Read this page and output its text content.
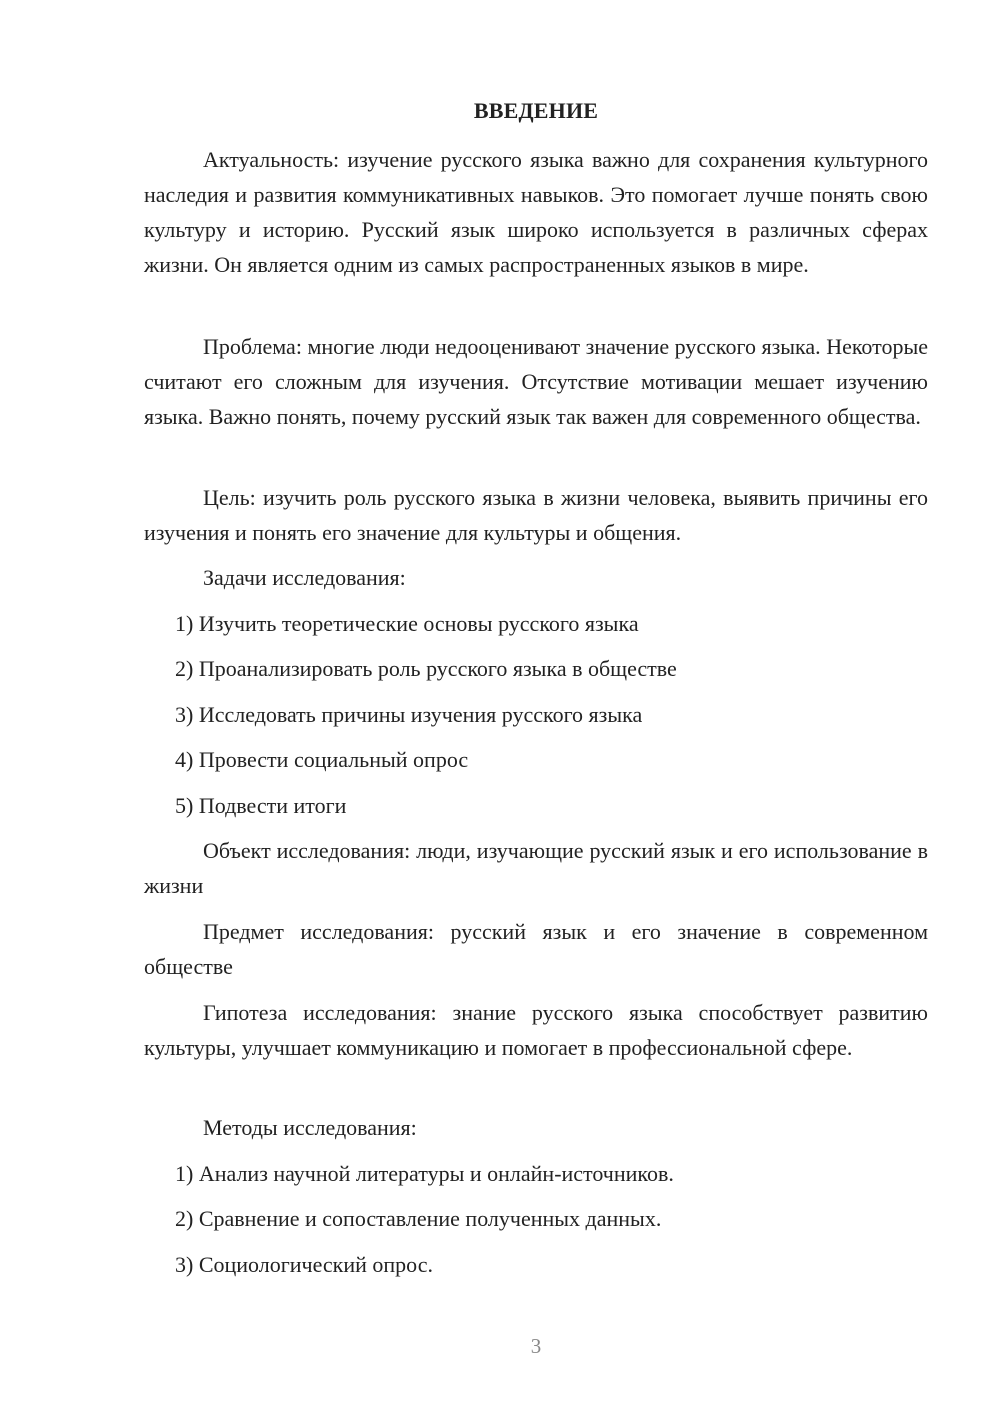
ВВЕДЕНИЕ

Актуальность: изучение русского языка важно для сохранения культурного наследия и развития коммуникативных навыков. Это помогает лучше понять свою культуру и историю. Русский язык широко используется в различных сферах жизни. Он является одним из самых распространенных языков в мире.

Проблема: многие люди недооценивают значение русского языка. Некоторые считают его сложным для изучения. Отсутствие мотивации мешает изучению языка. Важно понять, почему русский язык так важен для современного общества.

Цель: изучить роль русского языка в жизни человека, выявить причины его изучения и понять его значение для культуры и общения.

Задачи исследования:

1) Изучить теоретические основы русского языка

2) Проанализировать роль русского языка в обществе

3) Исследовать причины изучения русского языка

4) Провести социальный опрос

5) Подвести итоги

Объект исследования: люди, изучающие русский язык и его использование в жизни

Предмет исследования: русский язык и его значение в современном обществе

Гипотеза исследования: знание русского языка способствует развитию культуры, улучшает коммуникацию и помогает в профессиональной сфере.

Методы исследования:

1) Анализ научной литературы и онлайн-источников.

2) Сравнение и сопоставление полученных данных.

3) Социологический опрос.

3
